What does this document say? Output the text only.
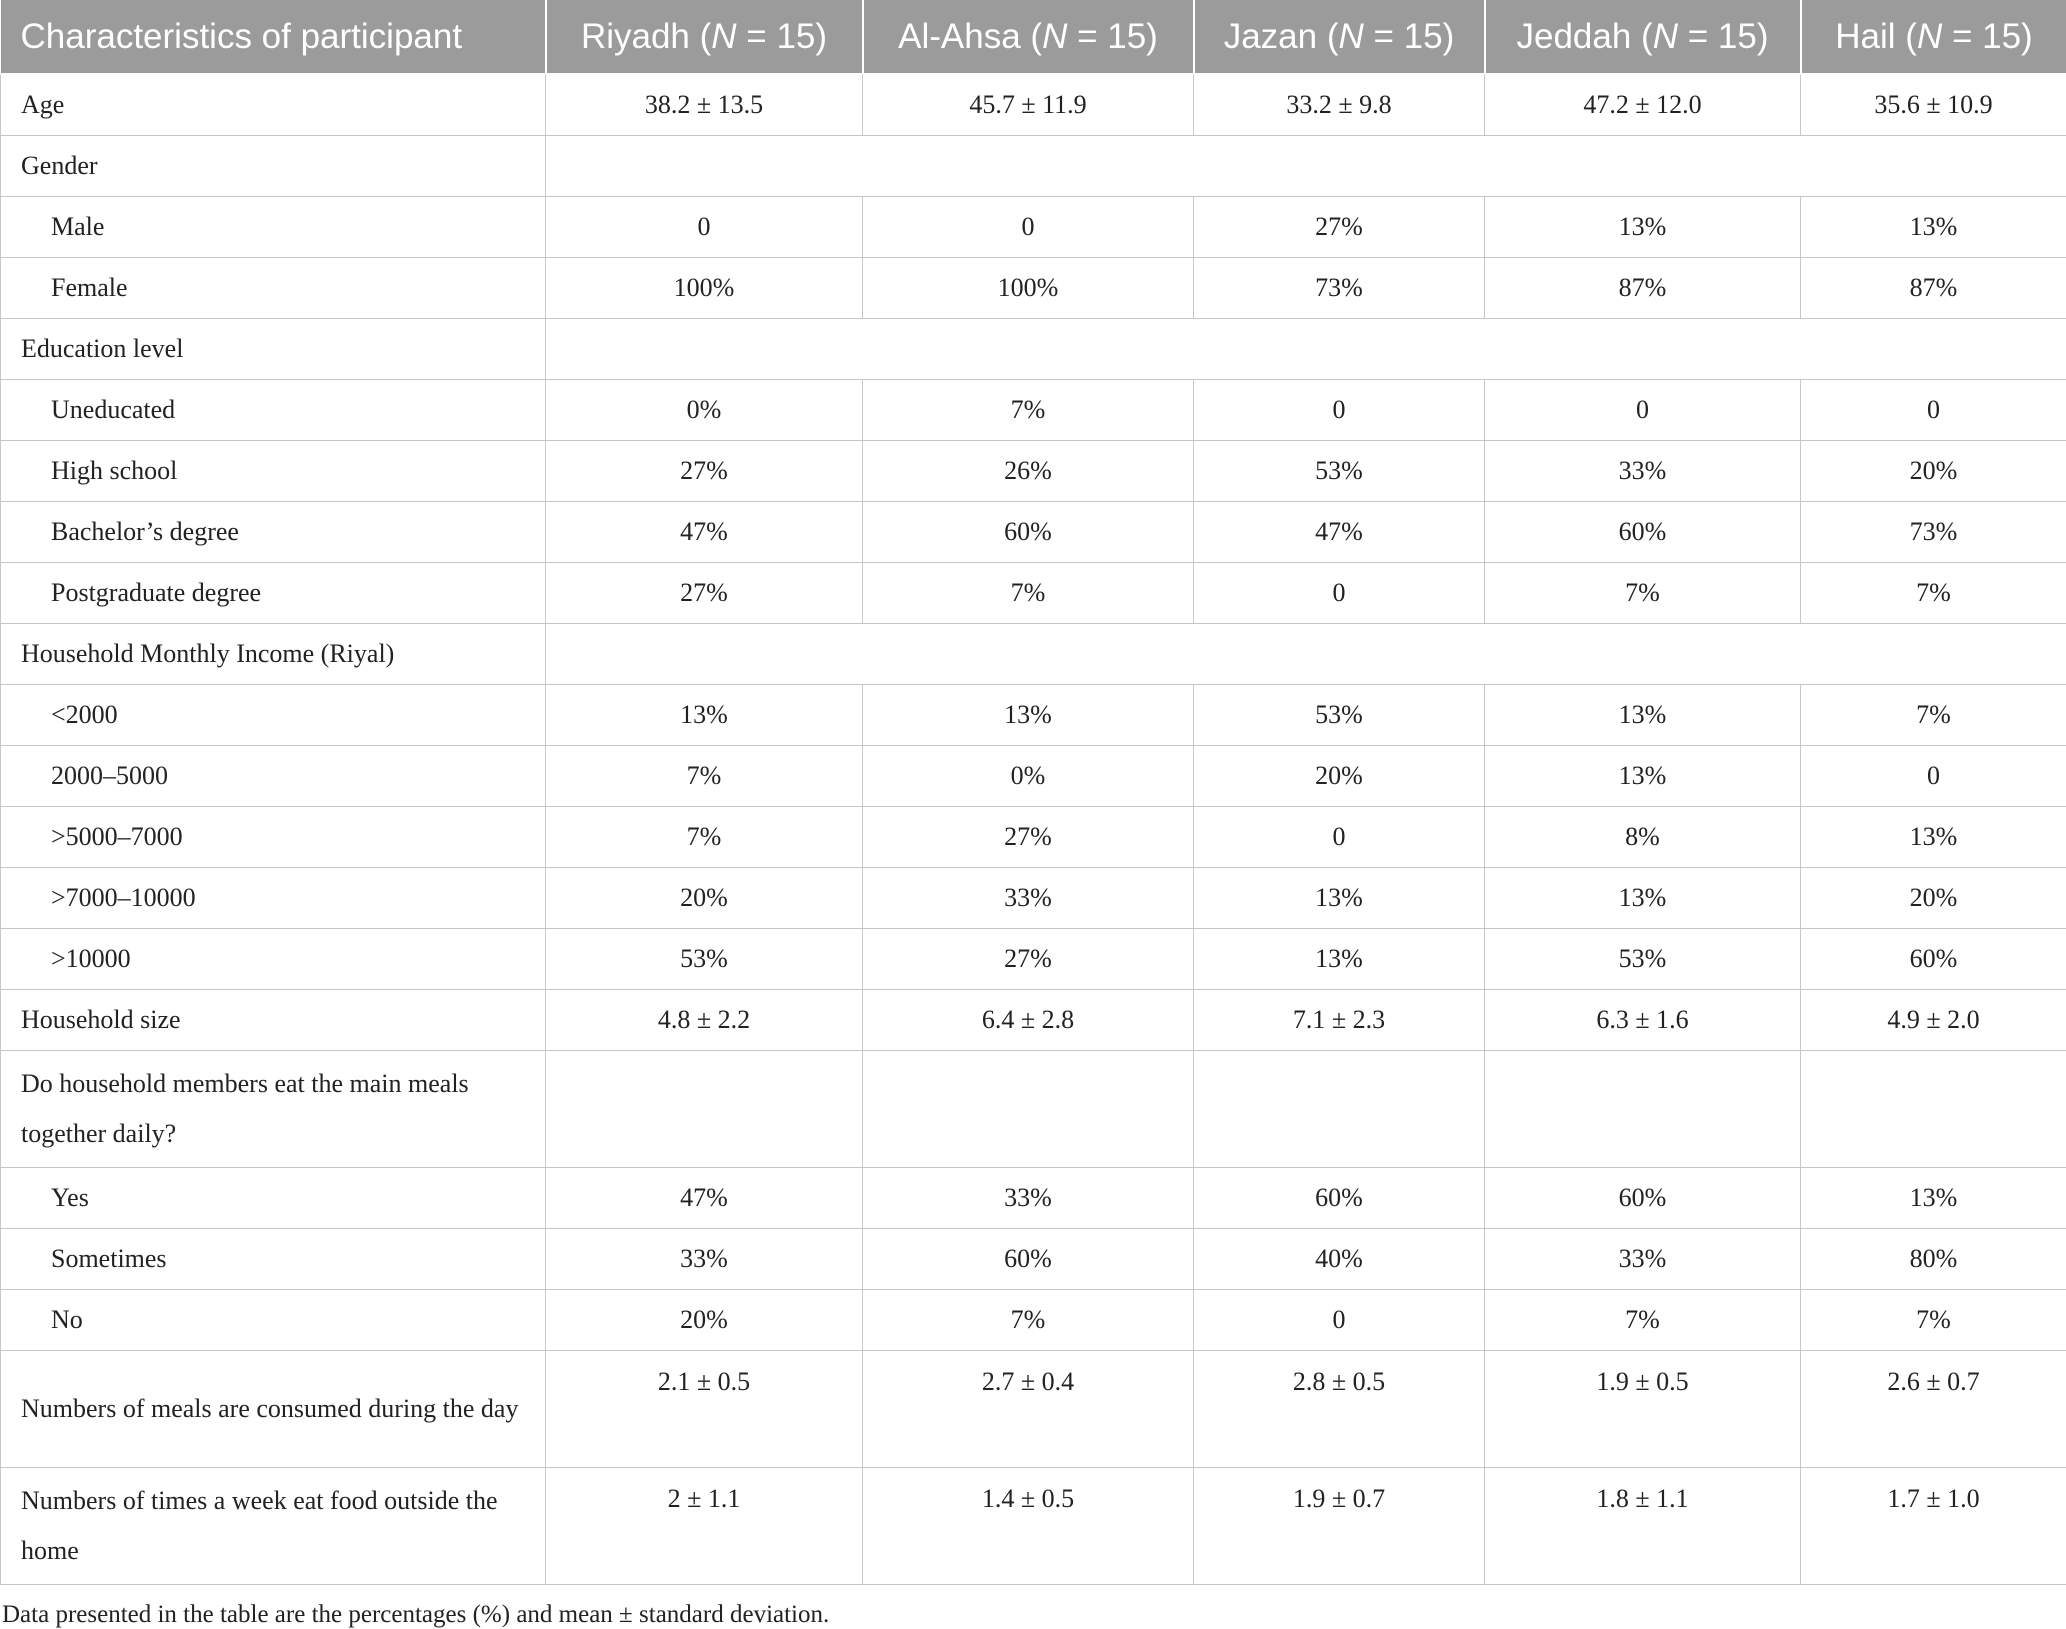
Characteristics of participant	Riyadh (N = 15)	Al-Ahsa (N = 15)	Jazan (N = 15)	Jeddah (N = 15)	Hail (N = 15)
Age	38.2 ± 13.5	45.7 ± 11.9	33.2 ± 9.8	47.2 ± 12.0	35.6 ± 10.9
Gender					
Male	0	0	27%	13%	13%
Female	100%	100%	73%	87%	87%
Education level					
Uneducated	0%	7%	0	0	0
High school	27%	26%	53%	33%	20%
Bachelor’s degree	47%	60%	47%	60%	73%
Postgraduate degree	27%	7%	0	7%	7%
Household Monthly Income (Riyal)					
<2000	13%	13%	53%	13%	7%
2000–5000	7%	0%	20%	13%	0
>5000–7000	7%	27%	0	8%	13%
>7000–10000	20%	33%	13%	13%	20%
>10000	53%	27%	13%	53%	60%
Household size	4.8 ± 2.2	6.4 ± 2.8	7.1 ± 2.3	6.3 ± 1.6	4.9 ± 2.0
Do household members eat the main meals together daily?					
Yes	47%	33%	60%	60%	13%
Sometimes	33%	60%	40%	33%	80%
No	20%	7%	0	7%	7%
Numbers of meals are consumed during the day	2.1 ± 0.5	2.7 ± 0.4	2.8 ± 0.5	1.9 ± 0.5	2.6 ± 0.7
Numbers of times a week eat food outside the home	2 ± 1.1	1.4 ± 0.5	1.9 ± 0.7	1.8 ± 1.1	1.7 ± 1.0

Data presented in the table are the percentages (%) and mean ± standard deviation.
